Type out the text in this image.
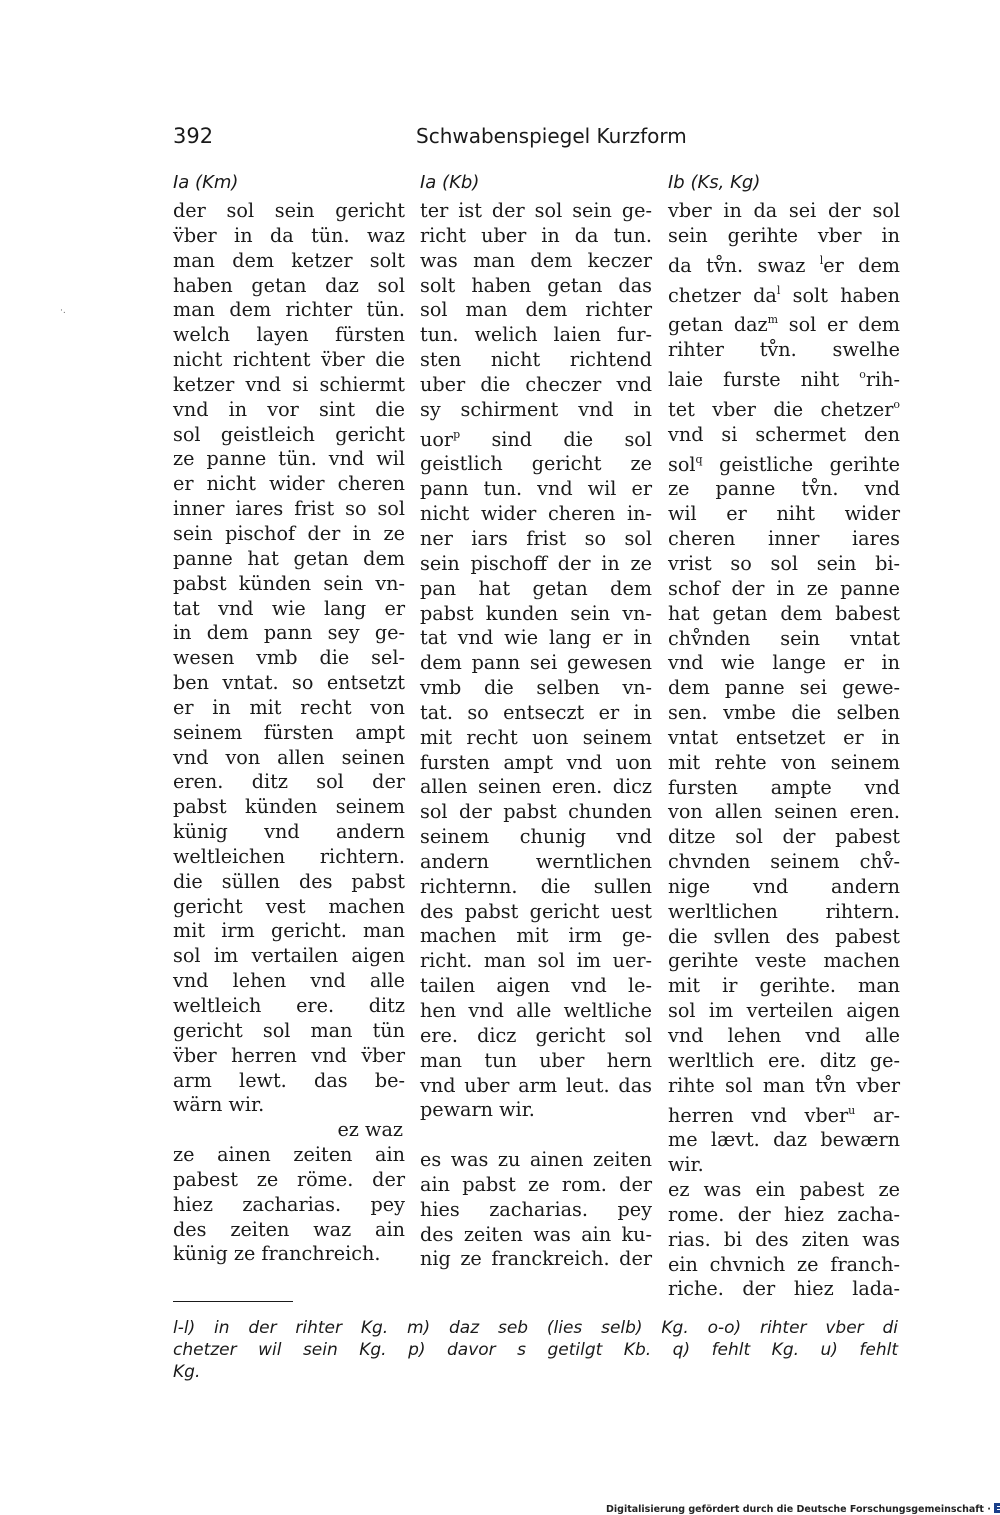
392	Schwabenspiegel Kurzform
·.
Ia (Km)
der sol sein gericht
v̈ber in da tün. waz
man dem ketzer solt
haben getan daz sol
man dem richter tün.
welch layen fürsten
nicht richtent v̈ber die
ketzer vnd si schiermt
vnd in vor sint die
sol geistleich gericht
ze panne tün. vnd wil
er nicht wider cheren
inner iares frist so sol
sein pischof der in ze
panne hat getan dem
pabst künden sein vn-
tat vnd wie lang er
in dem pann sey ge-
wesen vmb die sel-
ben vntat. so entsetzt
er in mit recht von
seinem fürsten ampt
vnd von allen seinen
eren. ditz sol der
pabst künden seinem
künig vnd andern
weltleichen richtern.
die süllen des pabst
gericht vest machen
mit irm gericht. man
sol im vertailen aigen
vnd lehen vnd alle
weltleich ere. ditz
gericht sol man tün
v̈ber herren vnd v̈ber
arm lewt. das be-
wärn wir.
ez waz
ze ainen zeiten ain
pabest ze röme. der
hiez zacharias. pey
des zeiten waz ain
künig ze franchreich.
Ia (Kb)
ter ist der sol sein ge-
richt uber in da tun.
was man dem keczer
solt haben getan das
sol man dem richter
tun. welich laien fur-
sten nicht richtend
uber die checzer vnd
sy schirment vnd in
uor$^p$ sind die sol
geistlich gericht ze
pann tun. vnd wil er
nicht wider cheren in-
ner iars frist so sol
sein pischoff der in ze
pan hat getan dem
pabst kunden sein vn-
tat vnd wie lang er in
dem pann sei gewesen
vmb die selben vn-
tat. so entseczt er in
mit recht uon seinem
fursten ampt vnd uon
allen seinen eren. dicz
sol der pabst chunden
seinem chunig vnd
andern werntlichen
richternn. die sullen
des pabst gericht uest
machen mit irm ge-
richt. man sol im uer-
tailen aigen vnd le-
hen vnd alle weltliche
ere. dicz gericht sol
man tun uber hern
vnd uber arm leut. das
pewarn wir.

es was zu ainen zeiten
ain pabst ze rom. der
hies zacharias. pey
des zeiten was ain ku-
nig ze franckreich. der
Ib (Ks, Kg)
vber in da sei der sol
sein gerihte vber in
da tv̊n. swaz $^l$er dem
chetzer $da^l$ solt haben
getan daz$^m$ sol er dem
rihter tv̊n. swelhe
laie furste niht $^o$rih-
tet vber die chetzer$^o$
vnd si schermet den
sol$^q$ geistliche gerihte
ze panne tv̊n. vnd
wil er niht wider
cheren inner iares
vrist so sol sein bi-
schof der in ze panne
hat getan dem babest
chv̊nden sein vntat
vnd wie lange er in
dem panne sei gewe-
sen. vmbe die selben
vntat entsetzet er in
mit rehte von seinem
fursten ampte vnd
von allen seinen eren.
ditze sol der pabest
chvnden seinem chv̊-
nige vnd andern
werltlichen rihtern.
die svllen des pabest
gerihte veste machen
mit ir gerihte. man
sol im verteilen aigen
vnd lehen vnd alle
werltlich ere. ditz ge-
rihte sol man tv̊n vber
herren vnd vber$^u$ ar-
me lævt. daz bewærn
wir.
ez was ein pabest ze
rome. der hiez zacha-
rias. bi des ziten was
ein chvnich ze franch-
riche. der hiez lada-
l-l) in der rihter Kg. m) daz seb (lies selb) Kg. o-o) rihter vber di
chetzer wil sein Kg. p) davor s getilgt Kb. q) fehlt Kg. u) fehlt
Kg.
Digitalisierung gefördert durch die Deutsche Forschungsgemeinschaft ·
